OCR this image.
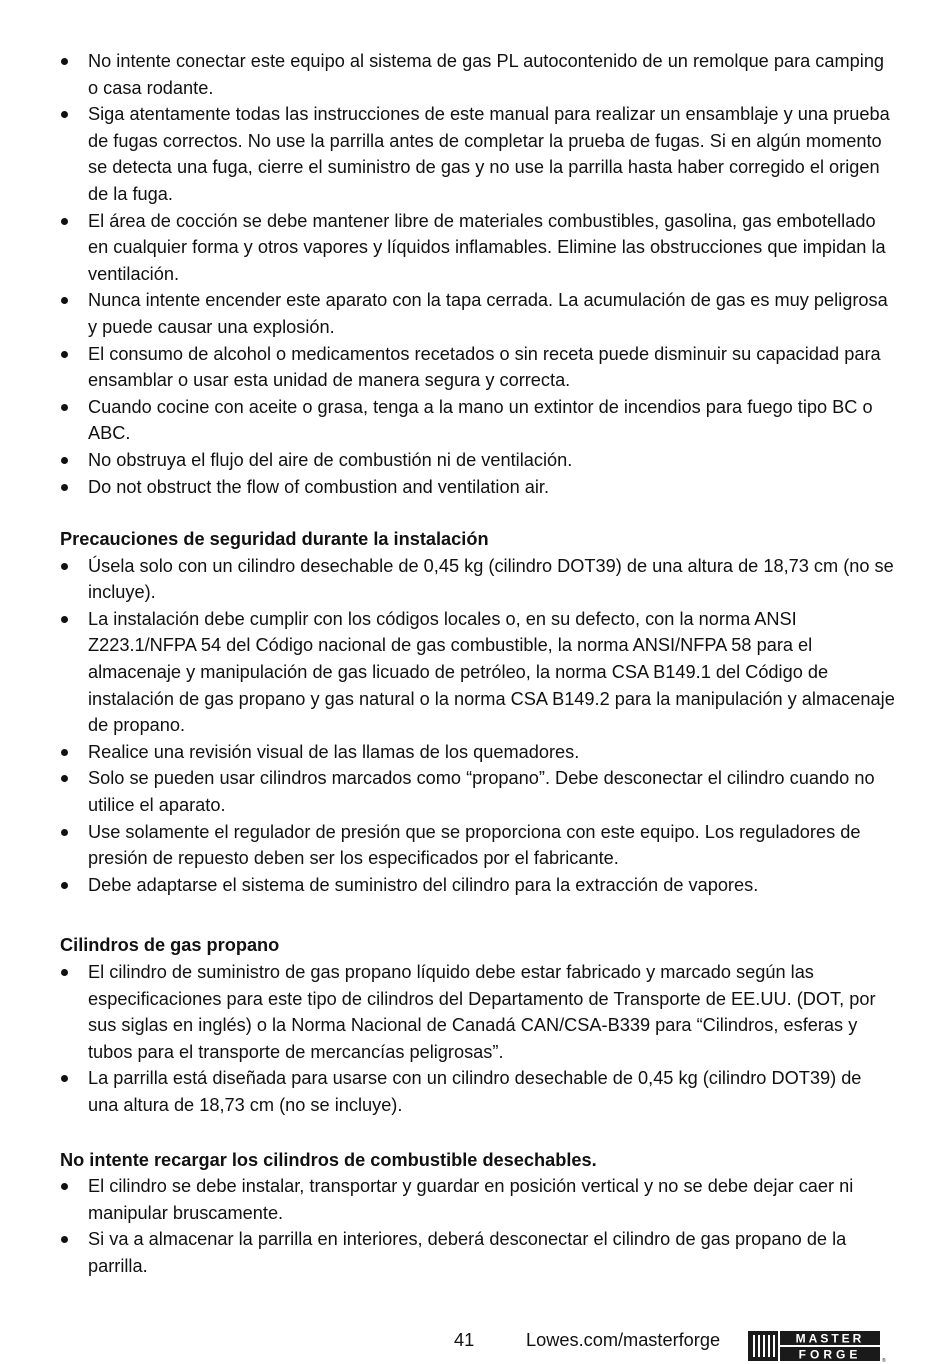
No intente conectar este equipo al sistema de gas PL autocontenido de un remolque para camping o casa rodante.
Siga atentamente todas las instrucciones de este manual para realizar un ensamblaje y una prueba de fugas correctos. No use la parrilla antes de completar la prueba de fugas. Si en algún momento se detecta una fuga, cierre el suministro de gas y no use la parrilla hasta haber corregido el origen de la fuga.
El área de cocción se debe mantener libre de materiales combustibles, gasolina, gas embotellado en cualquier forma y otros vapores y líquidos inflamables. Elimine las obstrucciones que impidan la ventilación.
Nunca intente encender este aparato con la tapa cerrada. La acumulación de gas es muy peligrosa y puede causar una explosión.
El consumo de alcohol o medicamentos recetados o sin receta puede disminuir su capacidad para ensamblar o usar esta unidad de manera segura y correcta.
Cuando cocine con aceite o grasa, tenga a la mano un extintor de incendios para fuego tipo BC o ABC.
No obstruya el flujo del aire de combustión ni de ventilación.
Do not obstruct the flow of combustion and ventilation air.
Precauciones de seguridad durante la instalación
Úsela solo con un cilindro desechable de 0,45 kg (cilindro DOT39) de una altura de 18,73 cm (no se incluye).
La instalación debe cumplir con los códigos locales o, en su defecto, con la norma ANSI Z223.1/NFPA 54 del Código nacional de gas combustible, la norma ANSI/NFPA 58 para el almacenaje y manipulación de gas licuado de petróleo, la norma CSA B149.1 del Código de instalación de gas propano y gas natural o la norma CSA B149.2 para la manipulación y almacenaje de propano.
Realice una revisión visual de las llamas de los quemadores.
Solo se pueden usar cilindros marcados como “propano”. Debe desconectar el cilindro cuando no utilice el aparato.
Use solamente el regulador de presión que se proporciona con este equipo. Los reguladores de presión de repuesto deben ser los especificados por el fabricante.
Debe adaptarse el sistema de suministro del cilindro para la extracción de vapores.
Cilindros de gas propano
El cilindro de suministro de gas propano líquido debe estar fabricado y marcado según las especificaciones para este tipo de cilindros del Departamento de Transporte de EE.UU. (DOT, por sus siglas en inglés) o la Norma Nacional de Canadá CAN/CSA-B339 para “Cilindros, esferas y tubos para el transporte de mercancías peligrosas”.
La parrilla está diseñada para usarse con un cilindro desechable de 0,45 kg (cilindro DOT39) de una altura de 18,73 cm (no se incluye).
No intente recargar los cilindros de combustible desechables.
El cilindro se debe instalar, transportar y guardar en posición vertical y no se debe dejar caer ni manipular bruscamente.
Si va a almacenar la parrilla en interiores, deberá desconectar el cilindro de gas propano de la parrilla.
41	Lowes.com/masterforge	MASTER
FORGE	®
